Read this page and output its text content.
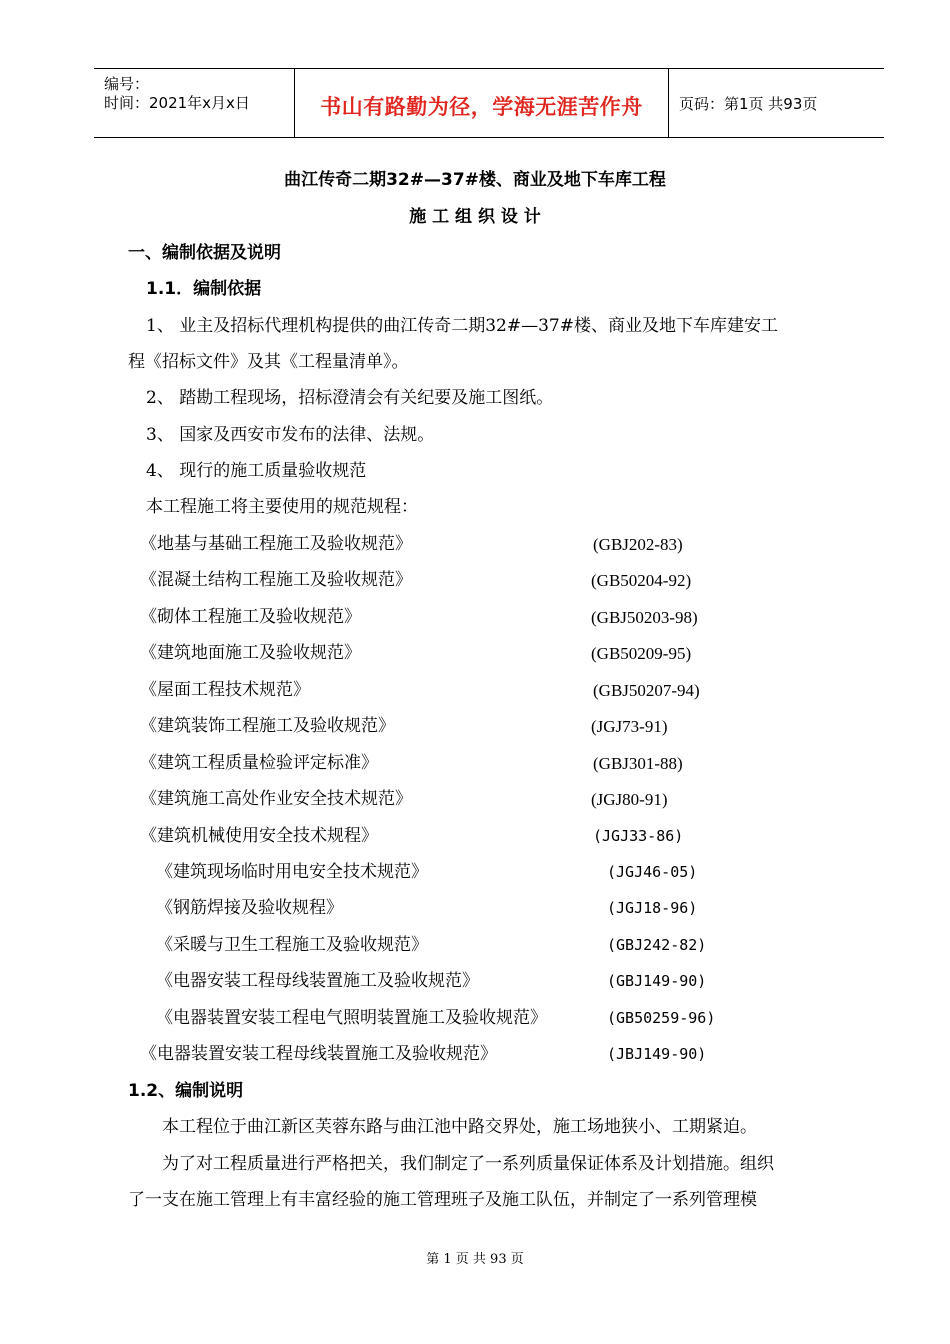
编号：
时间：2021年x月x日	书山有路勤为径，学海无涯苦作舟	页码：第1页 共93页
曲江传奇二期32#—37#楼、商业及地下车库工程
施 工 组 织 设 计
一、编制依据及说明
1.1．编制依据
1、 业主及招标代理机构提供的曲江传奇二期32#—37#楼、商业及地下车库建安工
程《招标文件》及其《工程量清单》。
2、 踏勘工程现场，招标澄清会有关纪要及施工图纸。
3、 国家及西安市发布的法律、法规。
4、 现行的施工质量验收规范
本工程施工将主要使用的规范规程：
《地基与基础工程施工及验收规范》	(GBJ202-83)
《混凝土结构工程施工及验收规范》	(GB50204-92)
《砌体工程施工及验收规范》	(GBJ50203-98)
《建筑地面施工及验收规范》	(GB50209-95)
《屋面工程技术规范》	(GBJ50207-94)
《建筑装饰工程施工及验收规范》	(JGJ73-91)
《建筑工程质量检验评定标准》	(GBJ301-88)
《建筑施工高处作业安全技术规范》	(JGJ80-91)
《建筑机械使用安全技术规程》	(JGJ33-86)
《建筑现场临时用电安全技术规范》	(JGJ46-05)
《钢筋焊接及验收规程》	(JGJ18-96)
《采暖与卫生工程施工及验收规范》	(GBJ242-82)
《电器安装工程母线装置施工及验收规范》	(GBJ149-90)
《电器装置安装工程电气照明装置施工及验收规范》	(GB50259-96)
《电器装置安装工程母线装置施工及验收规范》	(JBJ149-90)
1.2、编制说明
本工程位于曲江新区芙蓉东路与曲江池中路交界处，施工场地狭小、工期紧迫。
为了对工程质量进行严格把关，我们制定了一系列质量保证体系及计划措施。组织
了一支在施工管理上有丰富经验的施工管理班子及施工队伍，并制定了一系列管理模
第 1 页 共 93 页
